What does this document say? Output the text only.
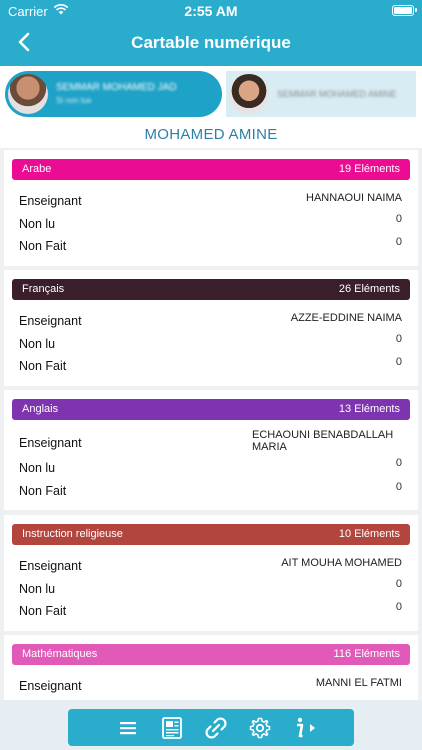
Carrier	2:55 AM
Cartable numérique
SEMMAR MOHAMED JAD
Si non lue
SEMMAR MOHAMED AMINE
MOHAMED AMINE
Arabe	19 Eléments
Enseignant	HANNAOUI NAIMA
Non lu	0
Non Fait	0
Français	26 Eléments
Enseignant	AZZE-EDDINE NAIMA
Non lu	0
Non Fait	0
Anglais	13 Eléments
Enseignant
ECHAOUNI BENABDALLAH MARIA
Non lu	0
Non Fait	0
Instruction religieuse	10 Eléments
Enseignant	AIT MOUHA MOHAMED
Non lu	0
Non Fait	0
Mathématiques	116 Eléments
Enseignant	MANNI EL FATMI
